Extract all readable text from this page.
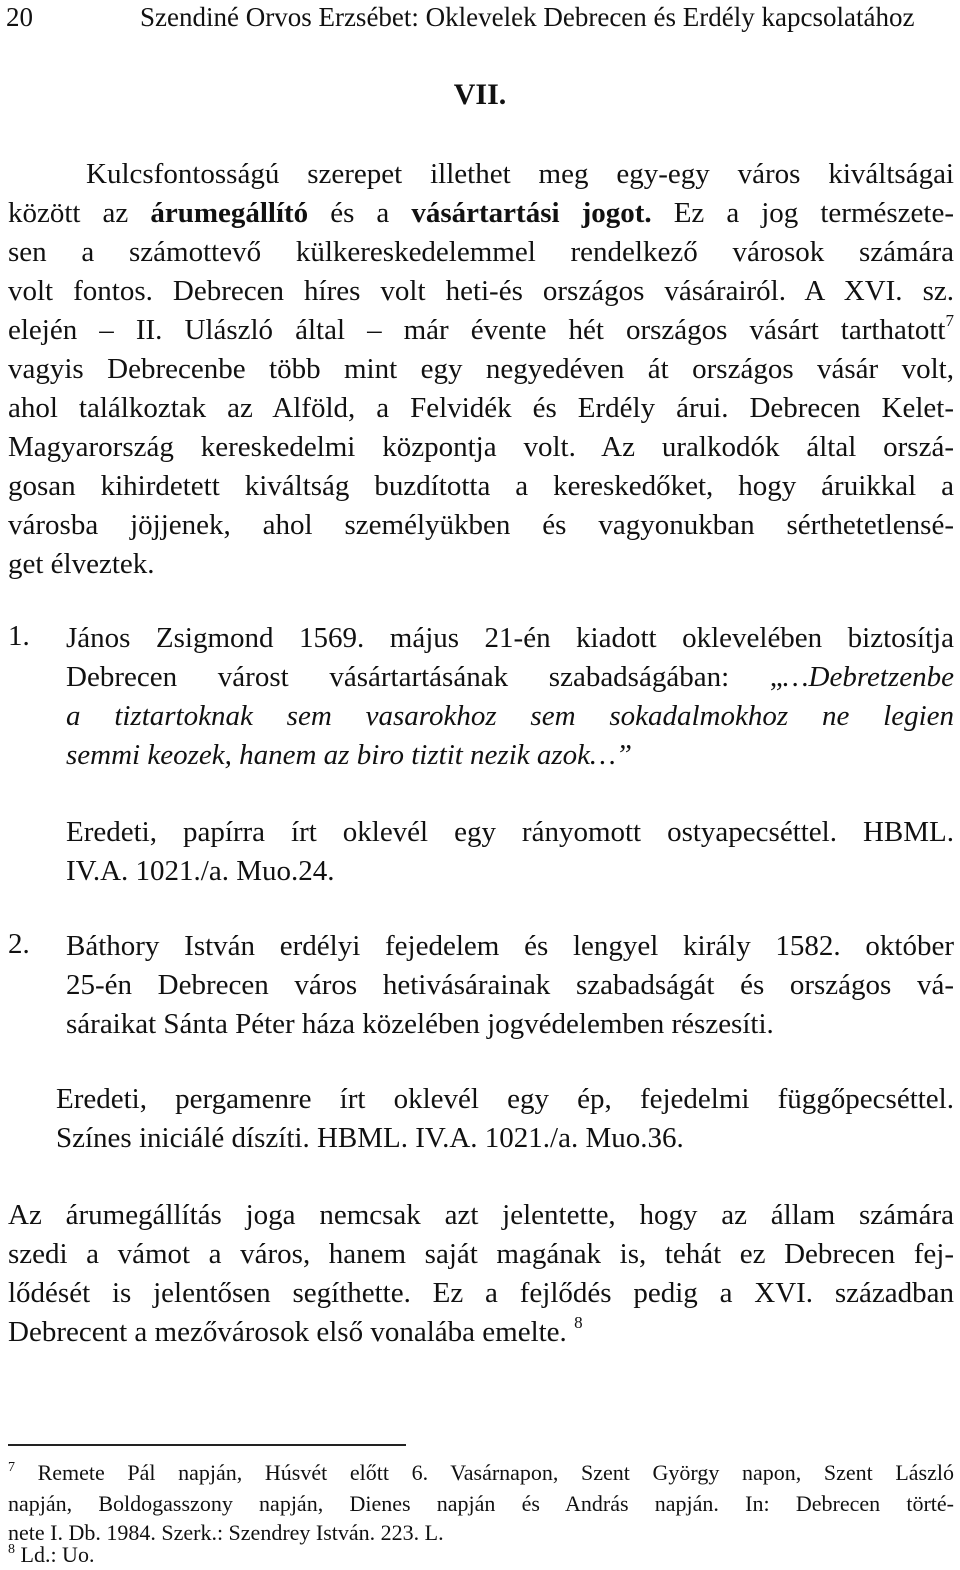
20	Szendiné Orvos Erzsébet: Oklevelek Debrecen és Erdély kapcsolatához
VII.
Kulcsfontosságú szerepet illethet meg egy-egy város kiváltságai
között az árumegállító és a vásártartási jogot. Ez a jog természete-
sen a számottevő külkereskedelemmel rendelkező városok számára
volt fontos. Debrecen híres volt heti-és országos vásárairól. A XVI. sz.
elején – II. Ulászló által – már évente hét országos vásárt tarthatott$^7$
vagyis Debrecenbe több mint egy negyedéven át országos vásár volt,
ahol találkoztak az Alföld, a Felvidék és Erdély árui. Debrecen Kelet-
Magyarország kereskedelmi központja volt. Az uralkodók által orszá-
gosan kihirdetett kiváltság buzdította a kereskedőket, hogy áruikkal a
városba jöjjenek, ahol személyükben és vagyonukban sérthetetlensé-
get élveztek.
1. János Zsigmond 1569. május 21-én kiadott oklevelében biztosítja
Debrecen várost vásártartásának szabadságában: „…Debretzenbe
a tiztartoknak sem vasarokhoz sem sokadalmokhoz ne legien
semmi keozek, hanem az biro tiztit nezik azok…”
Eredeti, papírra írt oklevél egy rányomott ostyapecséttel. HBML.
IV.A. 1021./a. Muo.24.
2. Báthory István erdélyi fejedelem és lengyel király 1582. október
25-én Debrecen város hetivásárainak szabadságát és országos vá-
sáraikat Sánta Péter háza közelében jogvédelemben részesíti.
Eredeti, pergamenre írt oklevél egy ép, fejedelmi függőpecséttel.
Színes iniciálé díszíti. HBML. IV.A. 1021./a. Muo.36.
Az árumegállítás joga nemcsak azt jelentette, hogy az állam számára
szedi a vámot a város, hanem saját magának is, tehát ez Debrecen fej-
lődését is jelentősen segíthette. Ez a fejlődés pedig a XVI. században
Debrecent a mezővárosok első vonalába emelte. $^8$
$^7$ Remete Pál napján, Húsvét előtt 6. Vasárnapon, Szent György napon, Szent László
napján, Boldogasszony napján, Dienes napján és András napján. In: Debrecen törté-
nete I. Db. 1984. Szerk.: Szendrey István. 223. L.
$^8$ Ld.: Uo.
